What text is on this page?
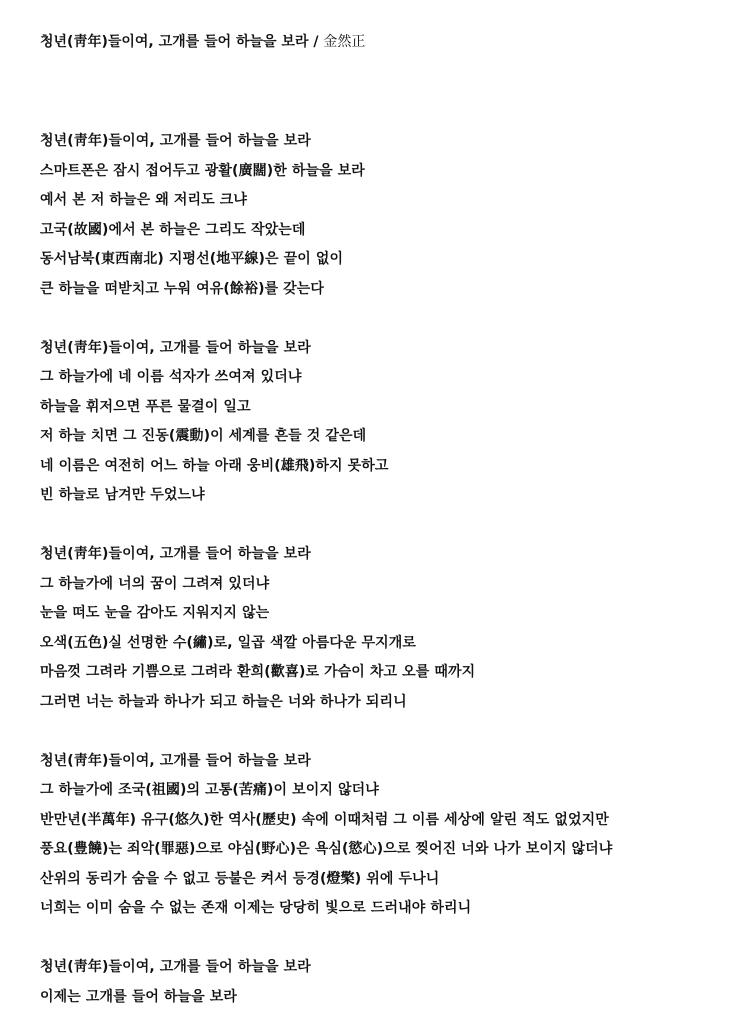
청년(靑年)들이여, 고개를 들어 하늘을 보라 / 金然正
청년(靑年)들이여, 고개를 들어 하늘을 보라
스마트폰은 잠시 접어두고 광활(廣闊)한 하늘을 보라
예서 본 저 하늘은 왜 저리도 크냐
고국(故國)에서 본 하늘은 그리도 작았는데
동서남북(東西南北) 지평선(地平線)은 끝이 없이
큰 하늘을 떠받치고 누워 여유(餘裕)를 갖는다
청년(靑年)들이여, 고개를 들어 하늘을 보라
그 하늘가에 네 이름 석자가 쓰여져 있더냐
하늘을 휘저으면 푸른 물결이 일고
저 하늘 치면 그 진동(震動)이 세계를 흔들 것 같은데
네 이름은 여전히 어느 하늘 아래 웅비(雄飛)하지 못하고
빈 하늘로 남겨만 두었느냐
청년(靑年)들이여, 고개를 들어 하늘을 보라
그 하늘가에 너의 꿈이 그려져 있더냐
눈을 떠도 눈을 감아도 지워지지 않는
오색(五色)실 선명한 수(繡)로, 일곱 색깔 아름다운 무지개로
마음껏 그려라 기쁨으로 그려라 환희(歡喜)로 가슴이 차고 오를 때까지
그러면 너는 하늘과 하나가 되고 하늘은 너와 하나가 되리니
청년(靑年)들이여, 고개를 들어 하늘을 보라
그 하늘가에 조국(祖國)의 고통(苦痛)이 보이지 않더냐
반만년(半萬年) 유구(悠久)한 역사(歷史) 속에 이때처럼 그 이름 세상에 알린 적도 없었지만
풍요(豊饒)는 죄악(罪惡)으로 야심(野心)은 욕심(慾心)으로 찢어진 너와 나가 보이지 않더냐
산위의 동리가 숨을 수 없고 등불은 켜서 등경(燈檠) 위에 두나니
너희는 이미 숨을 수 없는 존재 이제는 당당히 빛으로 드러내야 하리니
청년(靑年)들이여, 고개를 들어 하늘을 보라
이제는 고개를 들어 하늘을 보라
